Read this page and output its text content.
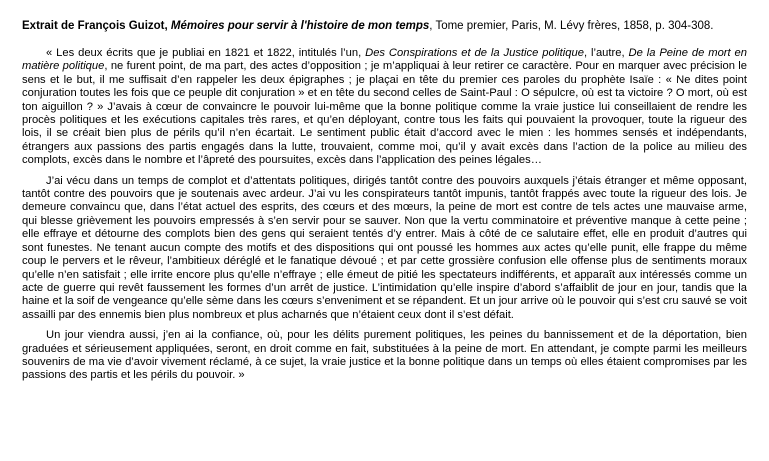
Extrait de François Guizot, Mémoires pour servir à l'histoire de mon temps, Tome premier, Paris, M. Lévy frères, 1858, p. 304-308.

« Les deux écrits que je publiai en 1821 et 1822, intitulés l’un, Des Conspirations et de la Justice politique, l’autre, De la Peine de mort en matière politique, ne furent point, de ma part, des actes d’opposition ; je m’appliquai à leur retirer ce caractère. Pour en marquer avec précision le sens et le but, il me suffisait d’en rappeler les deux épigraphes ; je plaçai en tête du premier ces paroles du prophète Isaïe : « Ne dites point conjuration toutes les fois que ce peuple dit conjuration » et en tête du second celles de Saint-Paul : O sépulcre, où est ta victoire ? O mort, où est ton aiguillon ? » J’avais à cœur de convaincre le pouvoir lui-même que la bonne politique comme la vraie justice lui conseillaient de rendre les procès politiques et les exécutions capitales très rares, et qu’en déployant, contre tous les faits qui pouvaient la provoquer, toute la rigueur des lois, il se créait bien plus de périls qu’il n’en écartait. Le sentiment public était d’accord avec le mien : les hommes sensés et indépendants, étrangers aux passions des partis engagés dans la lutte, trouvaient, comme moi, qu’il y avait excès dans l’action de la police au milieu des complots, excès dans le nombre et l’âpreté des poursuites, excès dans l’application des peines légales…

J’ai vécu dans un temps de complot et d’attentats politiques, dirigés tantôt contre des pouvoirs auxquels j’étais étranger et même opposant, tantôt contre des pouvoirs que je soutenais avec ardeur. J’ai vu les conspirateurs tantôt impunis, tantôt frappés avec toute la rigueur des lois. Je demeure convaincu que, dans l’état actuel des esprits, des cœurs et des mœurs, la peine de mort est contre de tels actes une mauvaise arme, qui blesse grièvement les pouvoirs empressés à s’en servir pour se sauver. Non que la vertu comminatoire et préventive manque à cette peine ; elle effraye et détourne des complots bien des gens qui seraient tentés d’y entrer. Mais à côté de ce salutaire effet, elle en produit d’autres qui sont funestes. Ne tenant aucun compte des motifs et des dispositions qui ont poussé les hommes aux actes qu’elle punit, elle frappe du même coup le pervers et le rêveur, l’ambitieux déréglé et le fanatique dévoué ; et par cette grossière confusion elle offense plus de sentiments moraux qu’elle n’en satisfait ; elle irrite encore plus qu’elle n’effraye ; elle émeut de pitié les spectateurs indifférents, et apparaît aux intéressés comme un acte de guerre qui revêt faussement les formes d’un arrêt de justice. L’intimidation qu’elle inspire d’abord s’affaiblit de jour en jour, tandis que la haine et la soif de vengeance qu’elle sème dans les cœurs s’enveniment et se répandent. Et un jour arrive où le pouvoir qui s’est cru sauvé se voit assailli par des ennemis bien plus nombreux et plus acharnés que n’étaient ceux dont il s’est défait.

Un jour viendra aussi, j’en ai la confiance, où, pour les délits purement politiques, les peines du bannissement et de la déportation, bien graduées et sérieusement appliquées, seront, en droit comme en fait, substituées à la peine de mort. En attendant, je compte parmi les meilleurs souvenirs de ma vie d’avoir vivement réclamé, à ce sujet, la vraie justice et la bonne politique dans un temps où elles étaient compromises par les passions des partis et les périls du pouvoir. »
